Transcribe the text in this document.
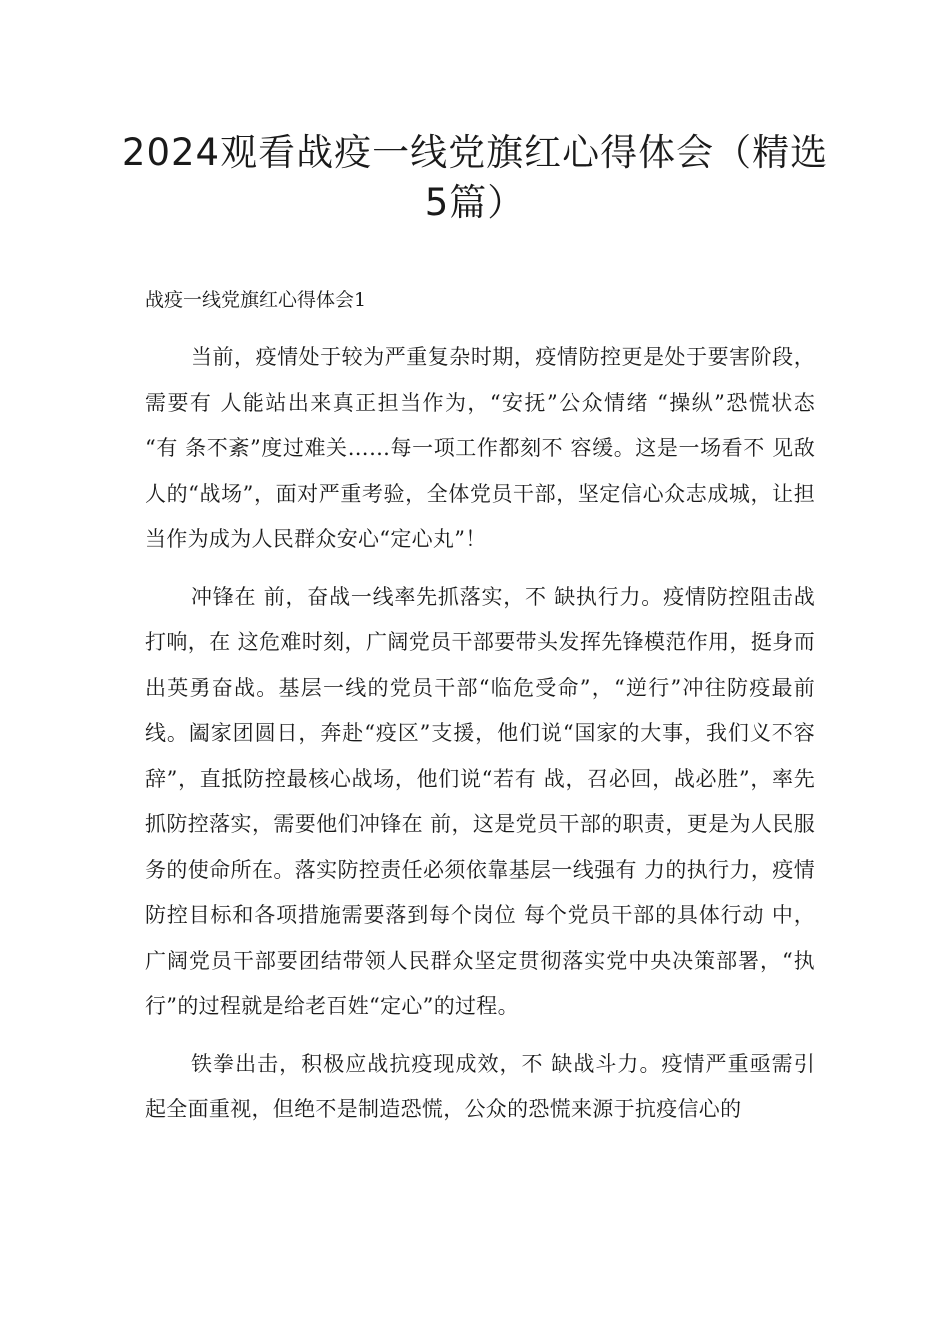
2024观看战疫一线党旗红心得体会（精选5篇）
战疫一线党旗红心得体会1

当前，疫情处于较为严重复杂时期，疫情防控更是处于要害阶段，需要有 人能站出来真正担当作为，“安抚”公众情绪 “操纵”恐慌状态 “有 条不紊”度过难关……每一项工作都刻不 容缓。这是一场看不 见敌人的“战场”，面对严重考验，全体党员干部，坚定信心众志成城，让担当作为成为人民群众安心“定心丸”！

冲锋在 前，奋战一线率先抓落实，不 缺执行力。疫情防控阻击战打响，在 这危难时刻，广阔党员干部要带头发挥先锋模范作用，挺身而出英勇奋战。基层一线的党员干部“临危受命”，“逆行”冲往防疫最前线。阖家团圆日，奔赴“疫区”支援，他们说“国家的大事，我们义不容辞”，直抵防控最核心战场，他们说“若有 战，召必回，战必胜”，率先抓防控落实，需要他们冲锋在 前，这是党员干部的职责，更是为人民服务的使命所在。落实防控责任必须依靠基层一线强有 力的执行力，疫情防控目标和各项措施需要落到每个岗位 每个党员干部的具体行动 中，广阔党员干部要团结带领人民群众坚定贯彻落实党中央决策部署，“执行”的过程就是给老百姓“定心”的过程。

铁拳出击，积极应战抗疫现成效，不 缺战斗力。疫情严重亟需引起全面重视，但绝不是制造恐慌，公众的恐慌来源于抗疫信心的
